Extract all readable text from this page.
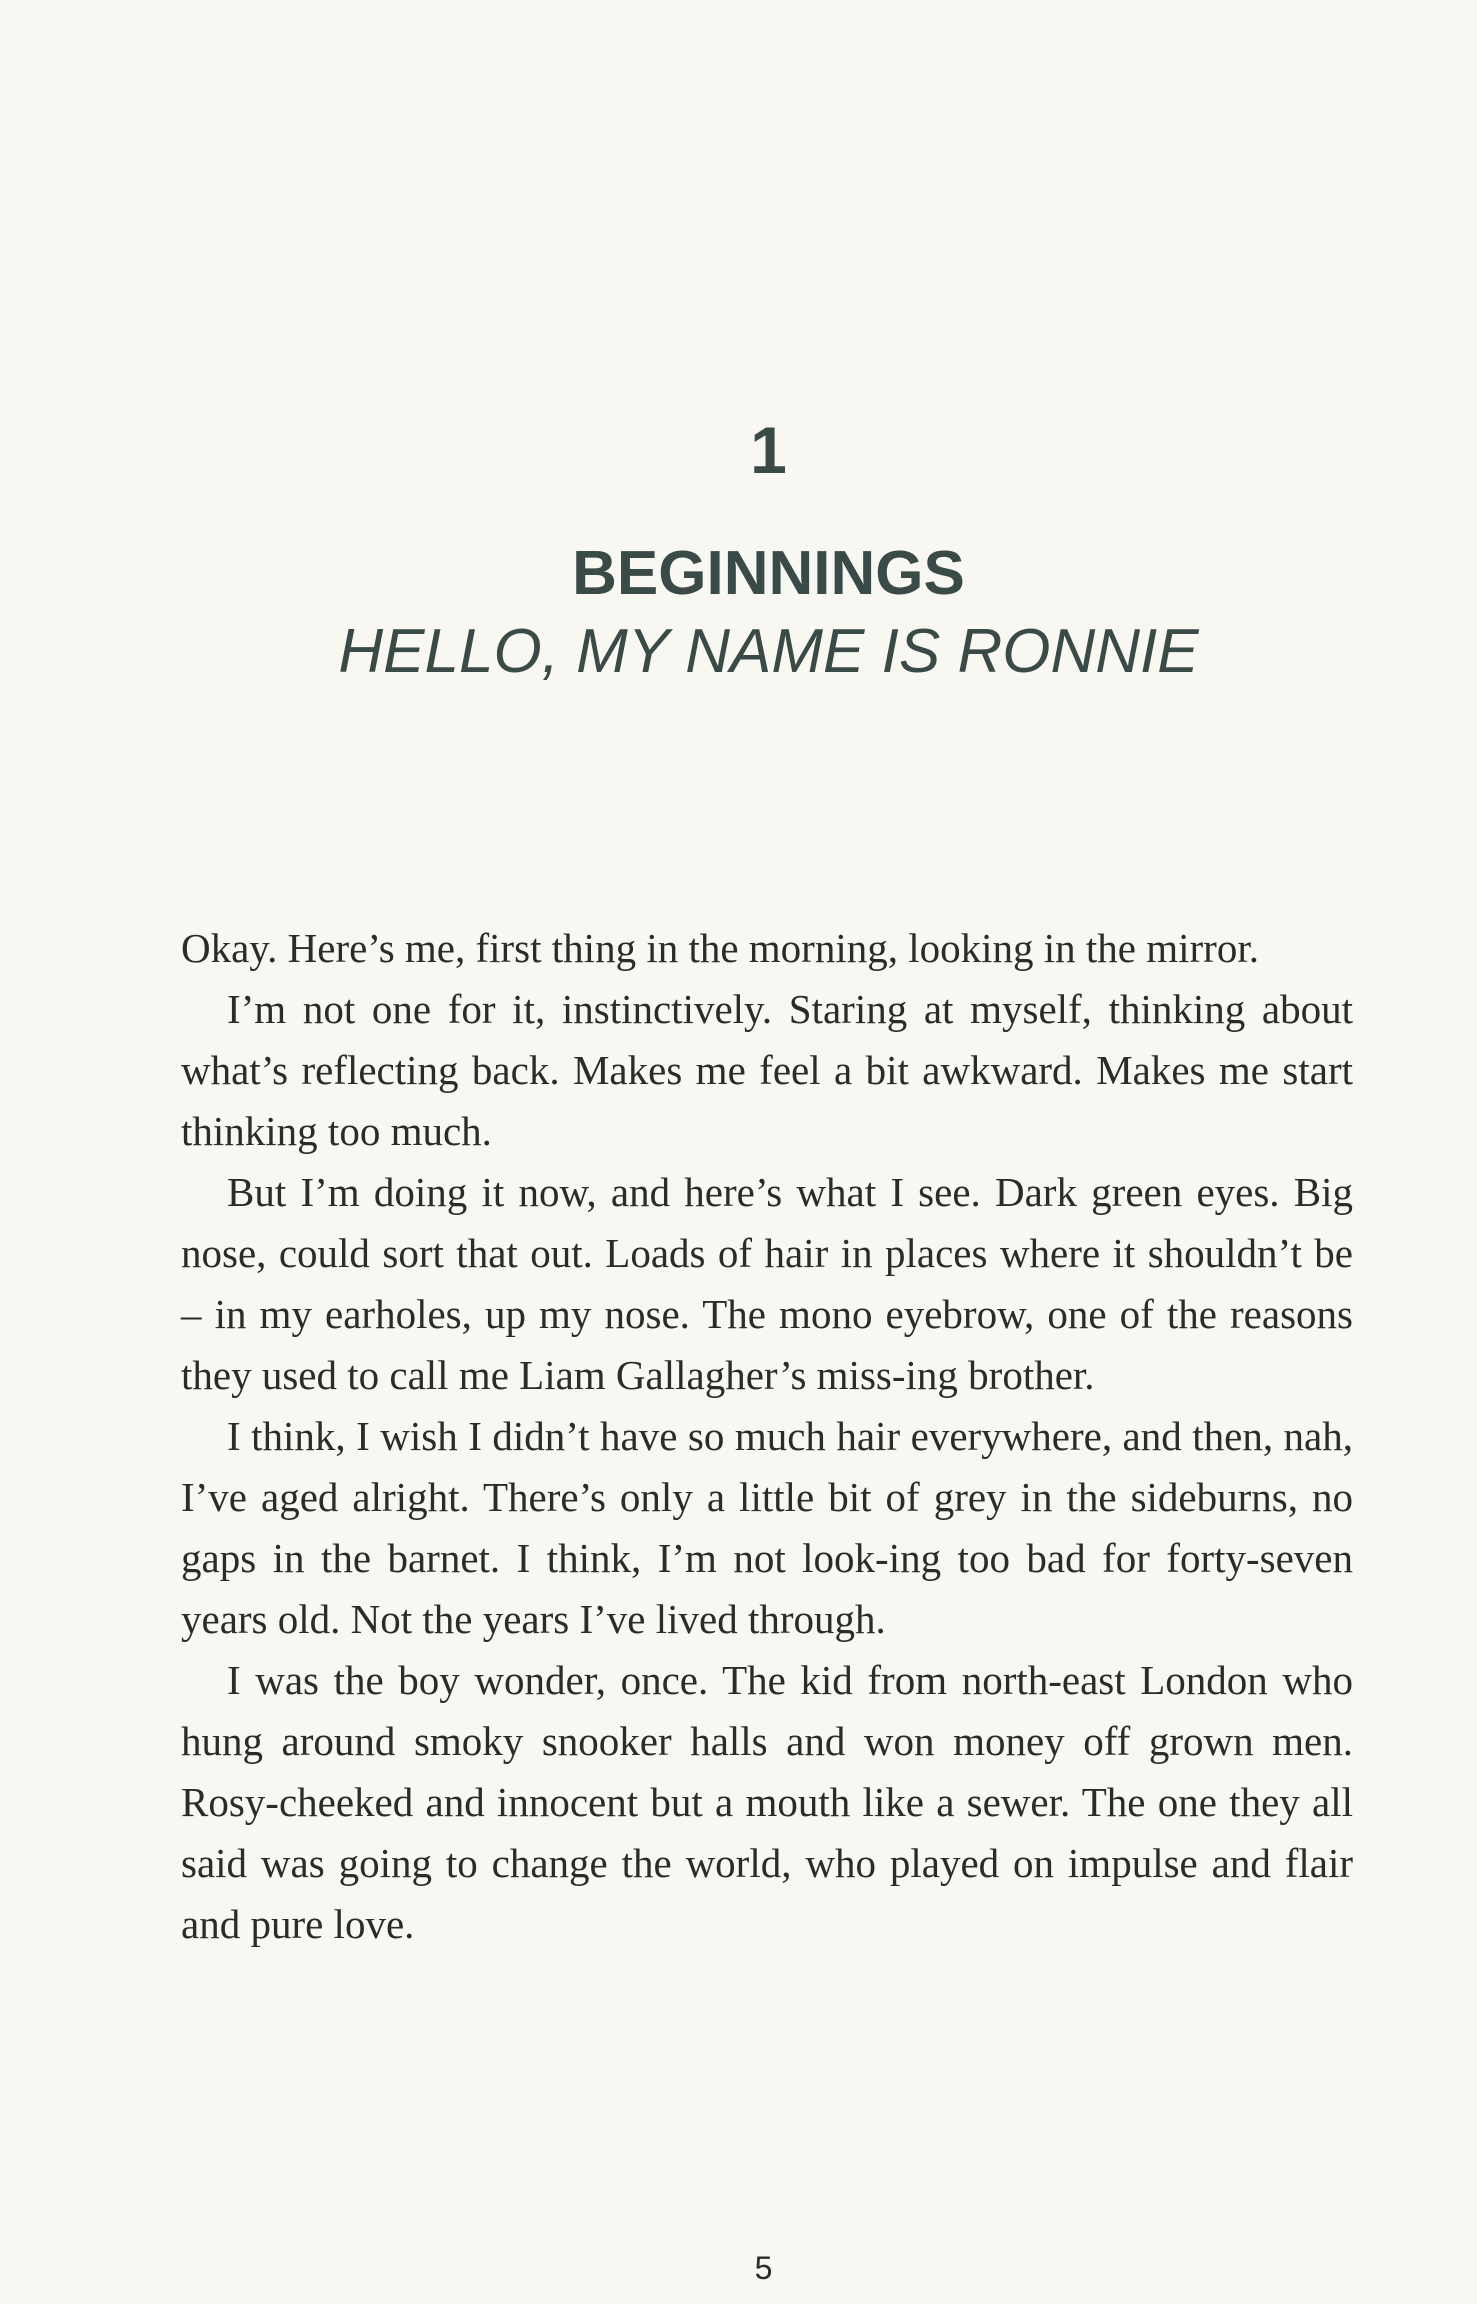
1
BEGINNINGS
HELLO, MY NAME IS RONNIE

Okay. Here’s me, first thing in the morning, looking in the mirror.

I’m not one for it, instinctively. Staring at myself, thinking about what’s reflecting back. Makes me feel a bit awkward. Makes me start thinking too much.

But I’m doing it now, and here’s what I see. Dark green eyes. Big nose, could sort that out. Loads of hair in places where it shouldn’t be – in my earholes, up my nose. The mono eyebrow, one of the reasons they used to call me Liam Gallagher’s miss-ing brother.

I think, I wish I didn’t have so much hair everywhere, and then, nah, I’ve aged alright. There’s only a little bit of grey in the sideburns, no gaps in the barnet. I think, I’m not look-ing too bad for forty-seven years old. Not the years I’ve lived through.

I was the boy wonder, once. The kid from north-east London who hung around smoky snooker halls and won money off grown men. Rosy-cheeked and innocent but a mouth like a sewer. The one they all said was going to change the world, who played on impulse and flair and pure love.

5
